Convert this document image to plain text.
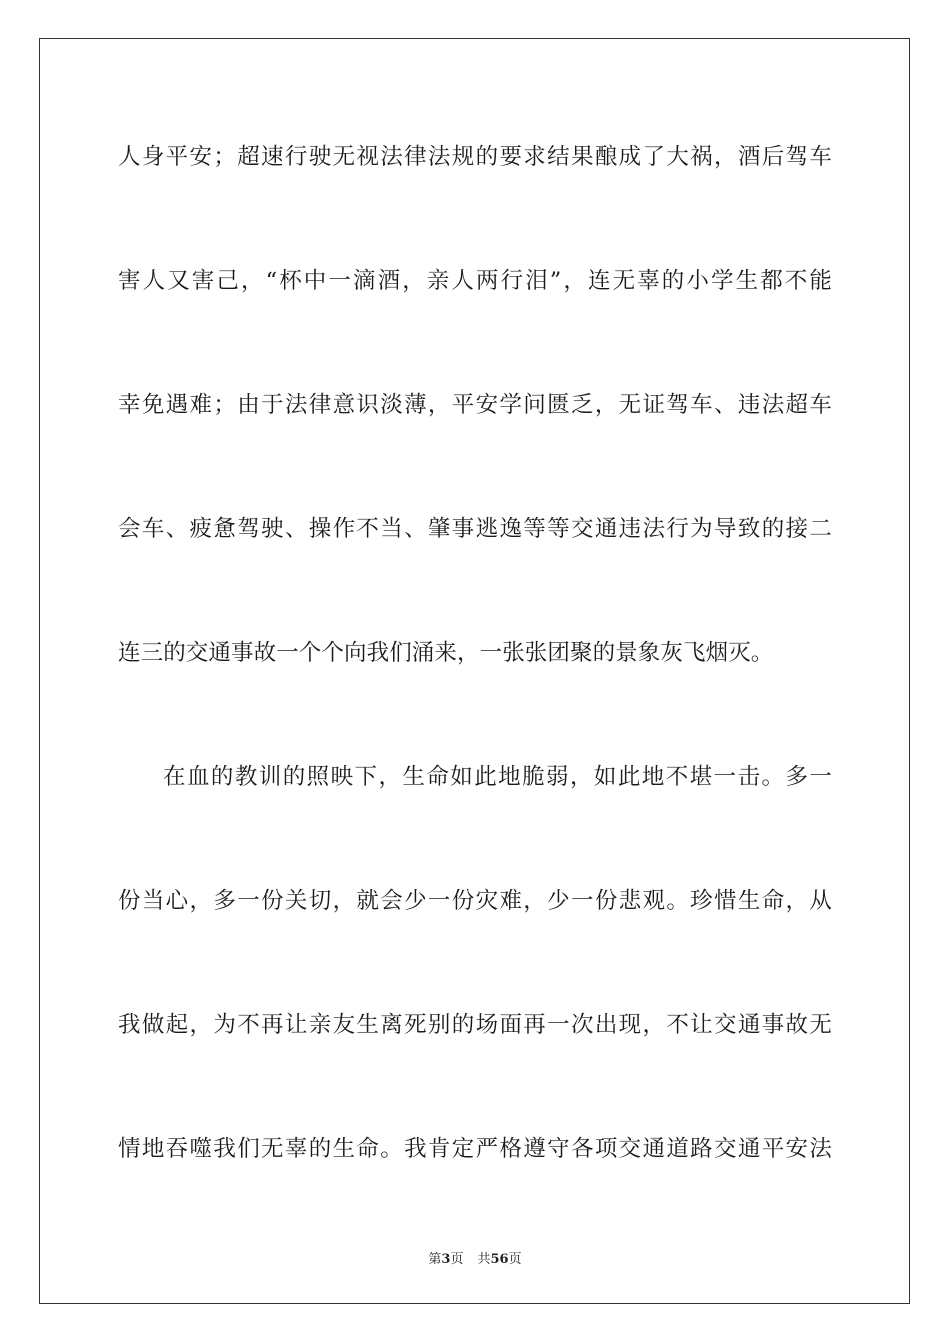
人身平安；超速行驶无视法律法规的要求结果酿成了大祸，酒后驾车
害人又害己，“杯中一滴酒，亲人两行泪”，连无辜的小学生都不能
幸免遇难；由于法律意识淡薄，平安学问匮乏，无证驾车、违法超车
会车、疲惫驾驶、操作不当、肇事逃逸等等交通违法行为导致的接二
连三的交通事故一个个向我们涌来，一张张团聚的景象灰飞烟灭。
在血的教训的照映下，生命如此地脆弱，如此地不堪一击。多一
份当心，多一份关切，就会少一份灾难，少一份悲观。珍惜生命，从
我做起，为不再让亲友生离死别的场面再一次出现，不让交通事故无
情地吞噬我们无辜的生命。我肯定严格遵守各项交通道路交通平安法
第3页 共56页
